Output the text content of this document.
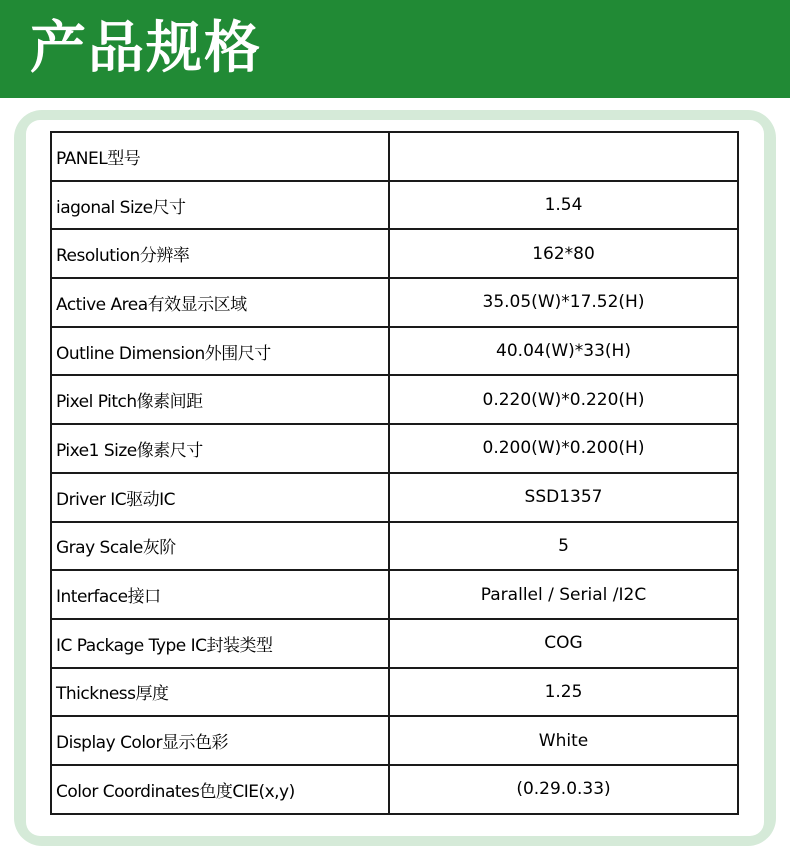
产品规格
PANEL型号	
iagonal Size尺寸	1.54
Resolution分辨率	162*80
Active Area有效显示区域	35.05(W)*17.52(H)
Outline Dimension外围尺寸	40.04(W)*33(H)
Pixel Pitch像素间距	0.220(W)*0.220(H)
Pixe1 Size像素尺寸	0.200(W)*0.200(H)
Driver IC驱动IC	SSD1357
Gray Scale灰阶	5
Interface接口	Parallel / Serial /I2C
IC Package Type IC封装类型	COG
Thickness厚度	1.25
Display Color显示色彩	White
Color Coordinates色度CIE(x,y)	(0.29.0.33)
